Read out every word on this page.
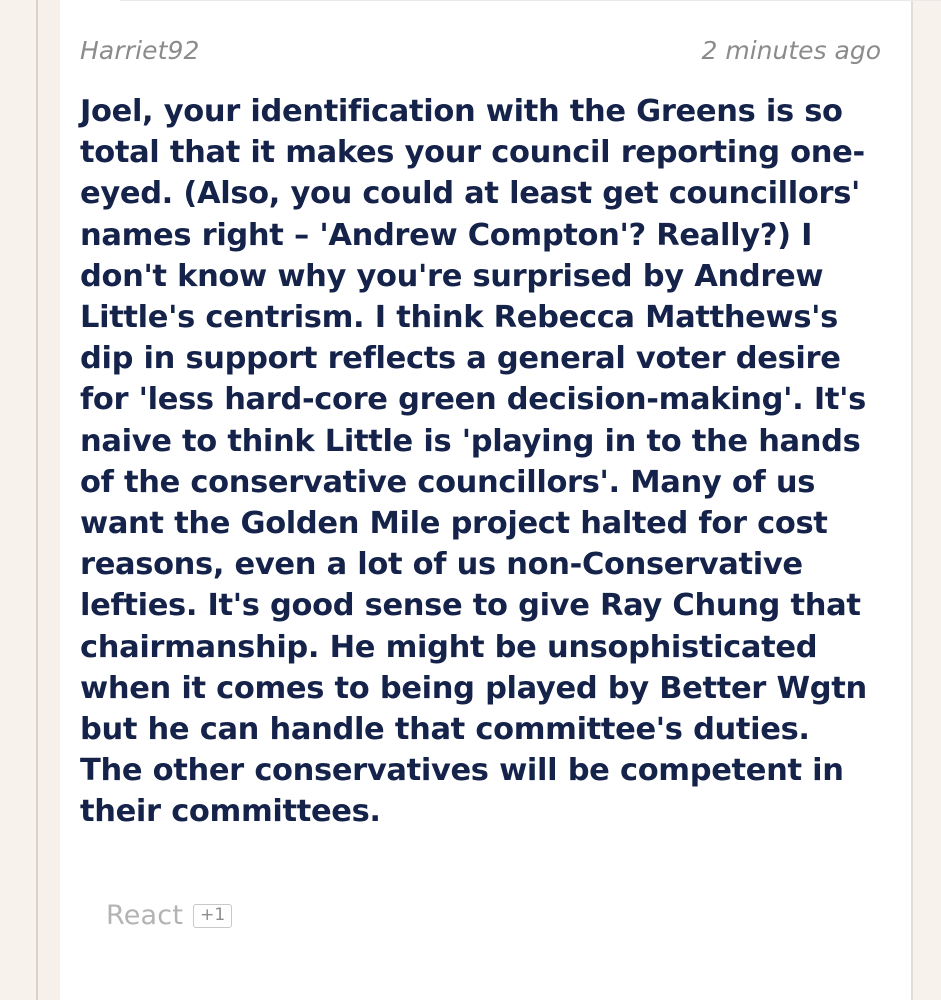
Harriet92	2 minutes ago
Joel, your identification with the Greens is so total that it makes your council reporting one-eyed. (Also, you could at least get councillors' names right – 'Andrew Compton'? Really?) I don't know why you're surprised by Andrew Little's centrism. I think Rebecca Matthews's dip in support reflects a general voter desire for 'less hard-core green decision-making'. It's naive to think Little is 'playing in to the hands of the conservative councillors'. Many of us want the Golden Mile project halted for cost reasons, even a lot of us non-Conservative lefties. It's good sense to give Ray Chung that chairmanship. He might be unsophisticated when it comes to being played by Better Wgtn but he can handle that committee's duties. The other conservatives will be competent in their committees.
React	+1
